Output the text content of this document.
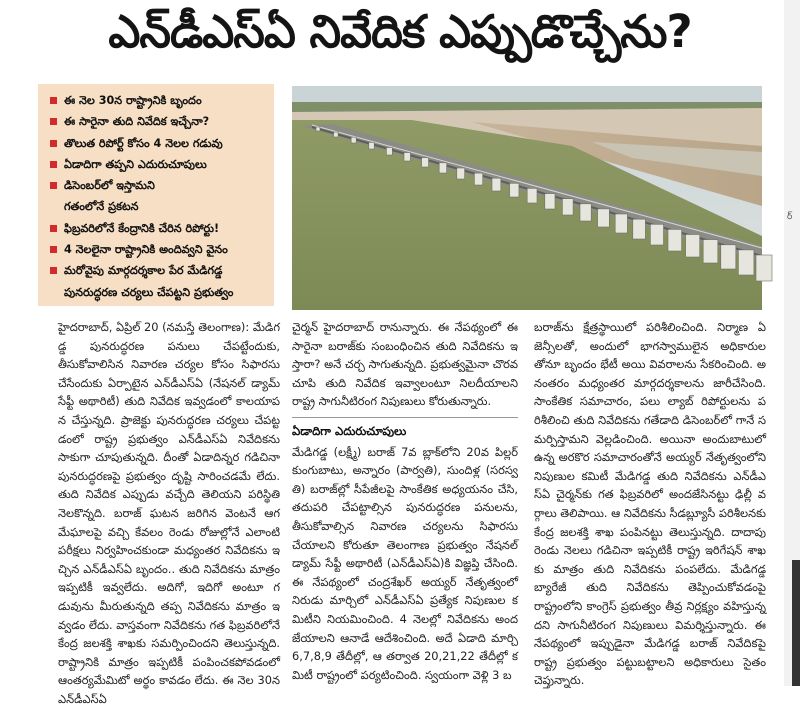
ఎన్‌డీఎస్ఏ నివేదిక ఎప్పుడొచ్చేను?
ఈ నెల 30న రాష్ట్రానికి బృందం
ఈ సారైనా తుది నివేదిక ఇచ్చేనా?
తొలుత రిపోర్ట్ కోసం 4 నెలల గడువు
ఏడాదిగా తప్పని ఎదురుచూపులు
డిసెంబర్‌లో ఇస్తామని
గతంలోనే ప్రకటన
ఫిబ్రవరిలోనే కేంద్రానికి చేరిన రిపోర్టు!
4 నెలలైనా రాష్ట్రానికి అందివ్వని వైనం
మరోవైపు మార్గదర్శకాల పేర మేడిగడ్డ
పునరుద్ధరణ చర్యలు చేపట్టని ప్రభుత్వం

హైదరాబాద్, ఏప్రిల్ 20 (నమస్తే తెలంగాణ): మేడిగడ్డ పునరుద్ధరణ పనులు చేపట్టేందుకు, తీసుకోవాలిసిన నివారణ చర్యల కోసం సిఫారసు చేసేందుకు ఏర్పాటైన ఎన్‌డీఎస్ఏ (నేషనల్ డ్యామ్ సేఫ్టీ అథారిటీ) తుది నివేదిక ఇవ్వడంలో కాలయాపన చేస్తున్నది. ప్రాజెక్టు పునరుద్ధరణ చర్యలు చేపట్టడంలో రాష్ట్ర ప్రభుత్వం ఎన్‌డీఎస్ఏ నివేదికను సాకుగా చూపుతున్నది. దీంతో ఏడాదిన్నర గడిచినా పునరుద్ధరణపై ప్రభుత్వం దృష్టి సారించడమే లేదు. తుది నివేదిక ఎప్పుడు వచ్చేది తెలియని పరిస్థితి నెలకొన్నది. బరాజ్ ఘటన జరిగిన వెంటనే ఆగమేఘాలపై వచ్చి కేవలం రెండు రోజుల్లోనే ఎలాంటి పరీక్షలు నిర్వహించకుండా మధ్యంతర నివేదికను ఇచ్చిన ఎన్‌డీఎస్ఏ బృందం.. తుది నివేదికను మాత్రం ఇప్పటికీ ఇవ్వలేదు. అదిగో, ఇదిగో అంటూ గడువును మీరుతున్నది తప్ప నివేదికను మాత్రం ఇవ్వడం లేదు. వాస్తవంగా నివేదికను గత ఫిబ్రవరిలోనే కేంద్ర జలశక్తి శాఖకు సమర్పించిందని తెలుస్తున్నది. రాష్ట్రానికి మాత్రం ఇప్పటికీ పంపించకపోవడంలో ఆంతర్యమేమిటో అర్థం కావడం లేదు. ఈ నెల 30న ఎన్‌డీఎస్ఏ

చైర్మన్ హైదరాబాద్ రానున్నారు. ఈ నేపథ్యంలో ఈ సారైనా బరాజ్‌కు సంబంధించిన తుది నివేదికను ఇస్తారా? అనే చర్చ సాగుతున్నది. ప్రభుత్వమైనా చొరవ చూపి తుది నివేదిక ఇవ్వాలంటూ నిలదీయాలని రాష్ట్ర సాగునీటిరంగ నిపుణులు కోరుతున్నారు.

ఏడాదిగా ఎదురుచూపులు

మేడిగడ్డ (లక్ష్మీ) బరాజ్ 7వ బ్లాక్‌లోని 20వ పిల్లర్ కుంగుబాటు, అన్నారం (పార్వతి), సుందిళ్ల (సరస్వతి) బరాజ్‌ల్లో సీపేజీలపై సాంకేతిక అధ్యయనం చేసి, తదుపరి చేపట్టాల్సిన పునరుద్ధరణ పనులను, తీసుకోవాల్సిన నివారణ చర్యలను సిఫారసు చేయాలని కోరుతూ తెలంగాణ ప్రభుత్వం నేషనల్ డ్యామ్ సేఫ్టీ అథారిటీ (ఎన్‌డీఎస్ఏ)కి విజ్ఞప్తి చేసింది. ఈ నేపథ్యంలో చంద్రశేఖర్ అయ్యర్ నేతృత్వంలో నిరుడు మార్చిలో ఎన్‌డీఎస్ఏ ప్రత్యేక నిపుణుల కమిటీని నియమించింది. 4 నెలల్లో నివేదికను అందజేయాలని ఆనాడే ఆదేశించింది. అదే ఏడాది మార్చి 6,7,8,9 తేదీల్లో, ఆ తర్వాత 20,21,22 తేదీల్లో కమిటీ రాష్ట్రంలో పర్యటించింది. స్వయంగా వెళ్లి 3 బ

బరాజ్‌ను క్షేత్రస్థాయిలో పరిశీలించింది. నిర్మాణ ఏజెన్సీలతో, అందులో భాగస్వాములైన అధికారులతోనూ బృందం భేటీ అయి వివరాలను సేకరించింది. అనంతరం మధ్యంతర మార్గదర్శకాలను జారీచేసింది. సాంకేతిక సమాచారం, పలు ల్యాబ్ రిపోర్టులను పరిశీలించి తుది నివేదికను గతేడాది డిసెంబర్‌లో గానే సమర్పిస్తామని వెల్లడించింది. అయినా అందుబాటులో ఉన్న అరకొర సమాచారంతోనే అయ్యర్ నేతృత్వంలోని నిపుణుల కమిటీ మేడిగడ్డ తుది నివేదికను ఎన్‌డీఎస్ఏ చైర్మన్‌కు గత ఫిబ్రవరిలో అందజేసినట్టు ఢిల్లీ వర్గాలు తెలిపాయి. ఆ నివేదికను సీడబ్ల్యూసీ పరిశీలనకు కేంద్ర జలశక్తి శాఖ పంపినట్టు తెలుస్తున్నది. దాదాపు రెండు నెలలు గడిచినా ఇప్పటికీ రాష్ట్ర ఇరిగేషన్ శాఖకు మాత్రం తుది నివేదికను పంపలేదు. మేడిగడ్డ బ్యారేజీ తుది నివేదికను తెప్పించుకోవడంపై రాష్ట్రంలోని కాంగ్రెస్ ప్రభుత్వం తీవ్ర నిర్లక్ష్యం వహిస్తున్నదని సాగునీటిరంగ నిపుణులు విమర్శిస్తున్నారు. ఈ నేపథ్యంలో ఇప్పుడైనా మేడిగడ్డ బరాజ్ నివేదికపై రాష్ట్ర ప్రభుత్వం పట్టుబట్టాలని అధికారులు సైతం చెప్తున్నారు.

ర్
